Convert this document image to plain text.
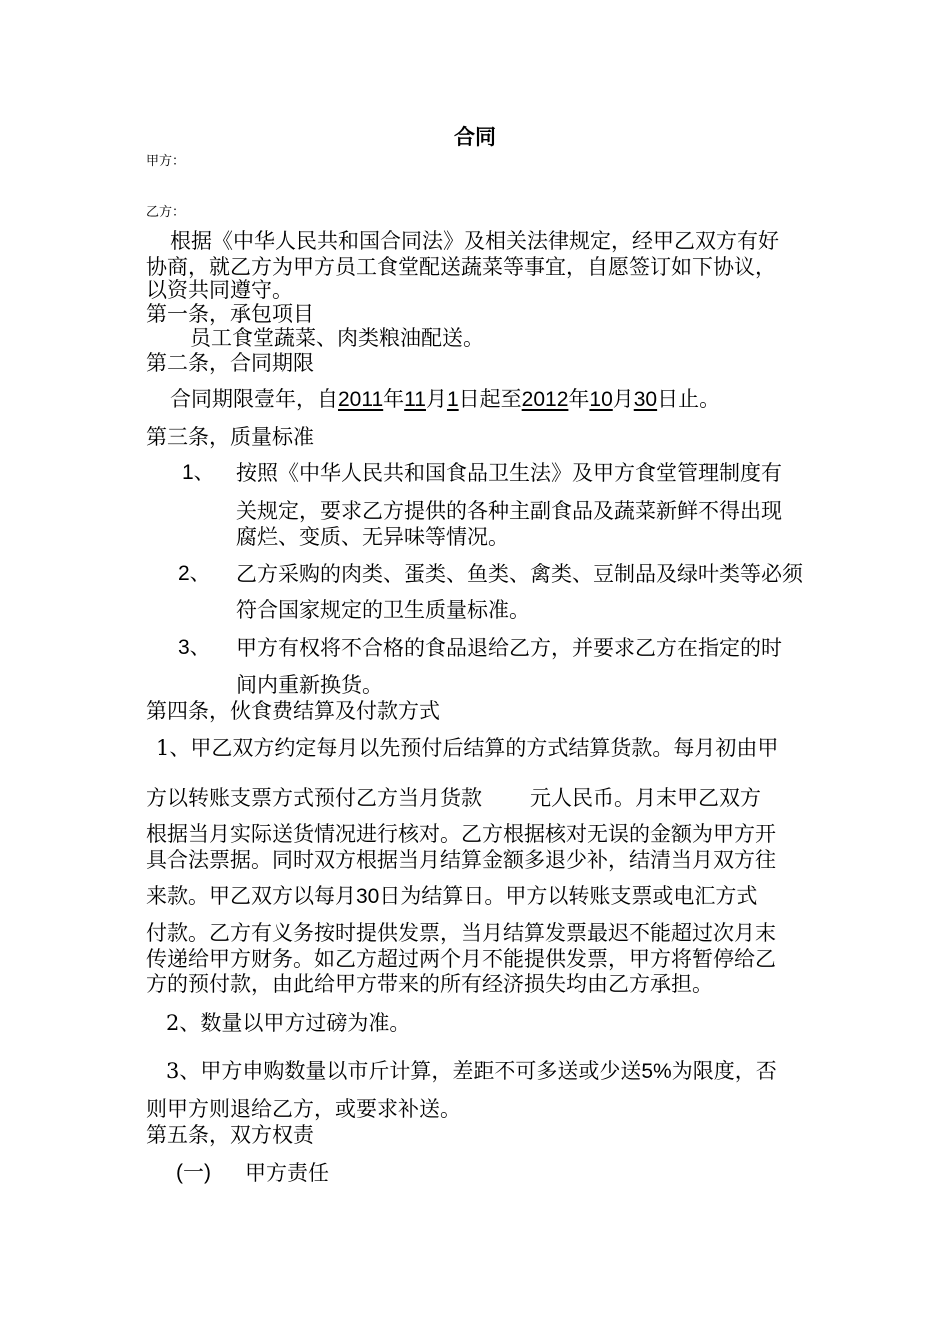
合同
甲方：
乙方：
根据《中华人民共和国合同法》及相关法律规定，经甲乙双方有好
协商，就乙方为甲方员工食堂配送蔬菜等事宜，自愿签订如下协议，
以资共同遵守。
第一条，承包项目
员工食堂蔬菜、肉类粮油配送。
第二条，合同期限
合同期限壹年，自2011年11月1日起至2012年10月30日止。
第三条，质量标准
1、 按照《中华人民共和国食品卫生法》及甲方食堂管理制度有
关规定，要求乙方提供的各种主副食品及蔬菜新鲜不得出现
腐烂、变质、无异味等情况。
2、 乙方采购的肉类、蛋类、鱼类、禽类、豆制品及绿叶类等必须
符合国家规定的卫生质量标准。
3、 甲方有权将不合格的食品退给乙方，并要求乙方在指定的时
间内重新换货。
第四条，伙食费结算及付款方式
1、甲乙双方约定每月以先预付后结算的方式结算货款。每月初由甲
方以转账支票方式预付乙方当月货款 元人民币。月末甲乙双方
根据当月实际送货情况进行核对。乙方根据核对无误的金额为甲方开
具合法票据。同时双方根据当月结算金额多退少补，结清当月双方往
来款。甲乙双方以每月30日为结算日。甲方以转账支票或电汇方式
付款。乙方有义务按时提供发票，当月结算发票最迟不能超过次月末
传递给甲方财务。如乙方超过两个月不能提供发票，甲方将暂停给乙
方的预付款，由此给甲方带来的所有经济损失均由乙方承担。
2、数量以甲方过磅为准。
3、甲方申购数量以市斤计算，差距不可多送或少送5%为限度，否
则甲方则退给乙方，或要求补送。
第五条，双方权责
(一) 甲方责任
